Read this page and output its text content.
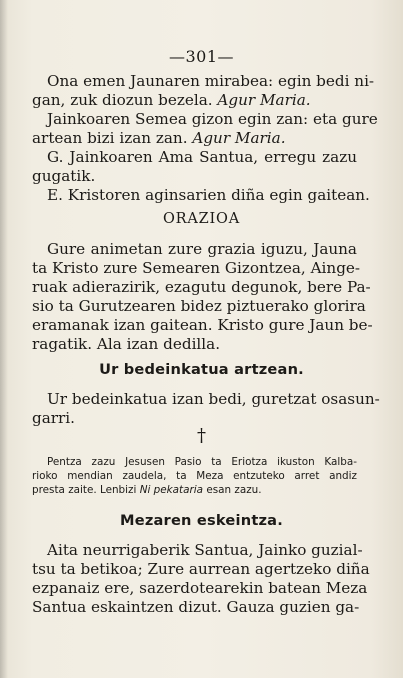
—301—
Ona emen Jaunaren mirabea: egin bedi ni-
gan, zuk diozun bezela. Agur Maria.
Jainkoaren Semea gizon egin zan: eta gure
artean bizi izan zan. Agur Maria.
G. Jainkoaren Ama Santua, erregu zazu
gugatik.
E. Kristoren aginsarien diña egin gaitean.
ORAZIOA
Gure animetan zure grazia iguzu, Jauna
ta Kristo zure Semearen Gizontzea, Ainge-
ruak adierazirik, ezagutu degunok, bere Pa-
sio ta Gurutzearen bidez piztuerako glorira
eramanak izan gaitean. Kristo gure Jaun be-
ragatik. Ala izan dedilla.
Ur bedeinkatua artzean.
Ur bedeinkatua izan bedi, guretzat osasun-
garri.
†
Pentza zazu Jesusen Pasio ta Eriotza ikuston Kalba-
rioko mendian zaudela, ta Meza entzuteko arret andiz
presta zaite. Lenbizi Ni pekataria esan zazu.
Mezaren eskeintza.
Aita neurrigaberik Santua, Jainko guzial-
tsu ta betikoa; Zure aurrean agertzeko diña
ezpanaiz ere, sazerdotearekin batean Meza
Santua eskaintzen dizut. Gauza guzien ga-
